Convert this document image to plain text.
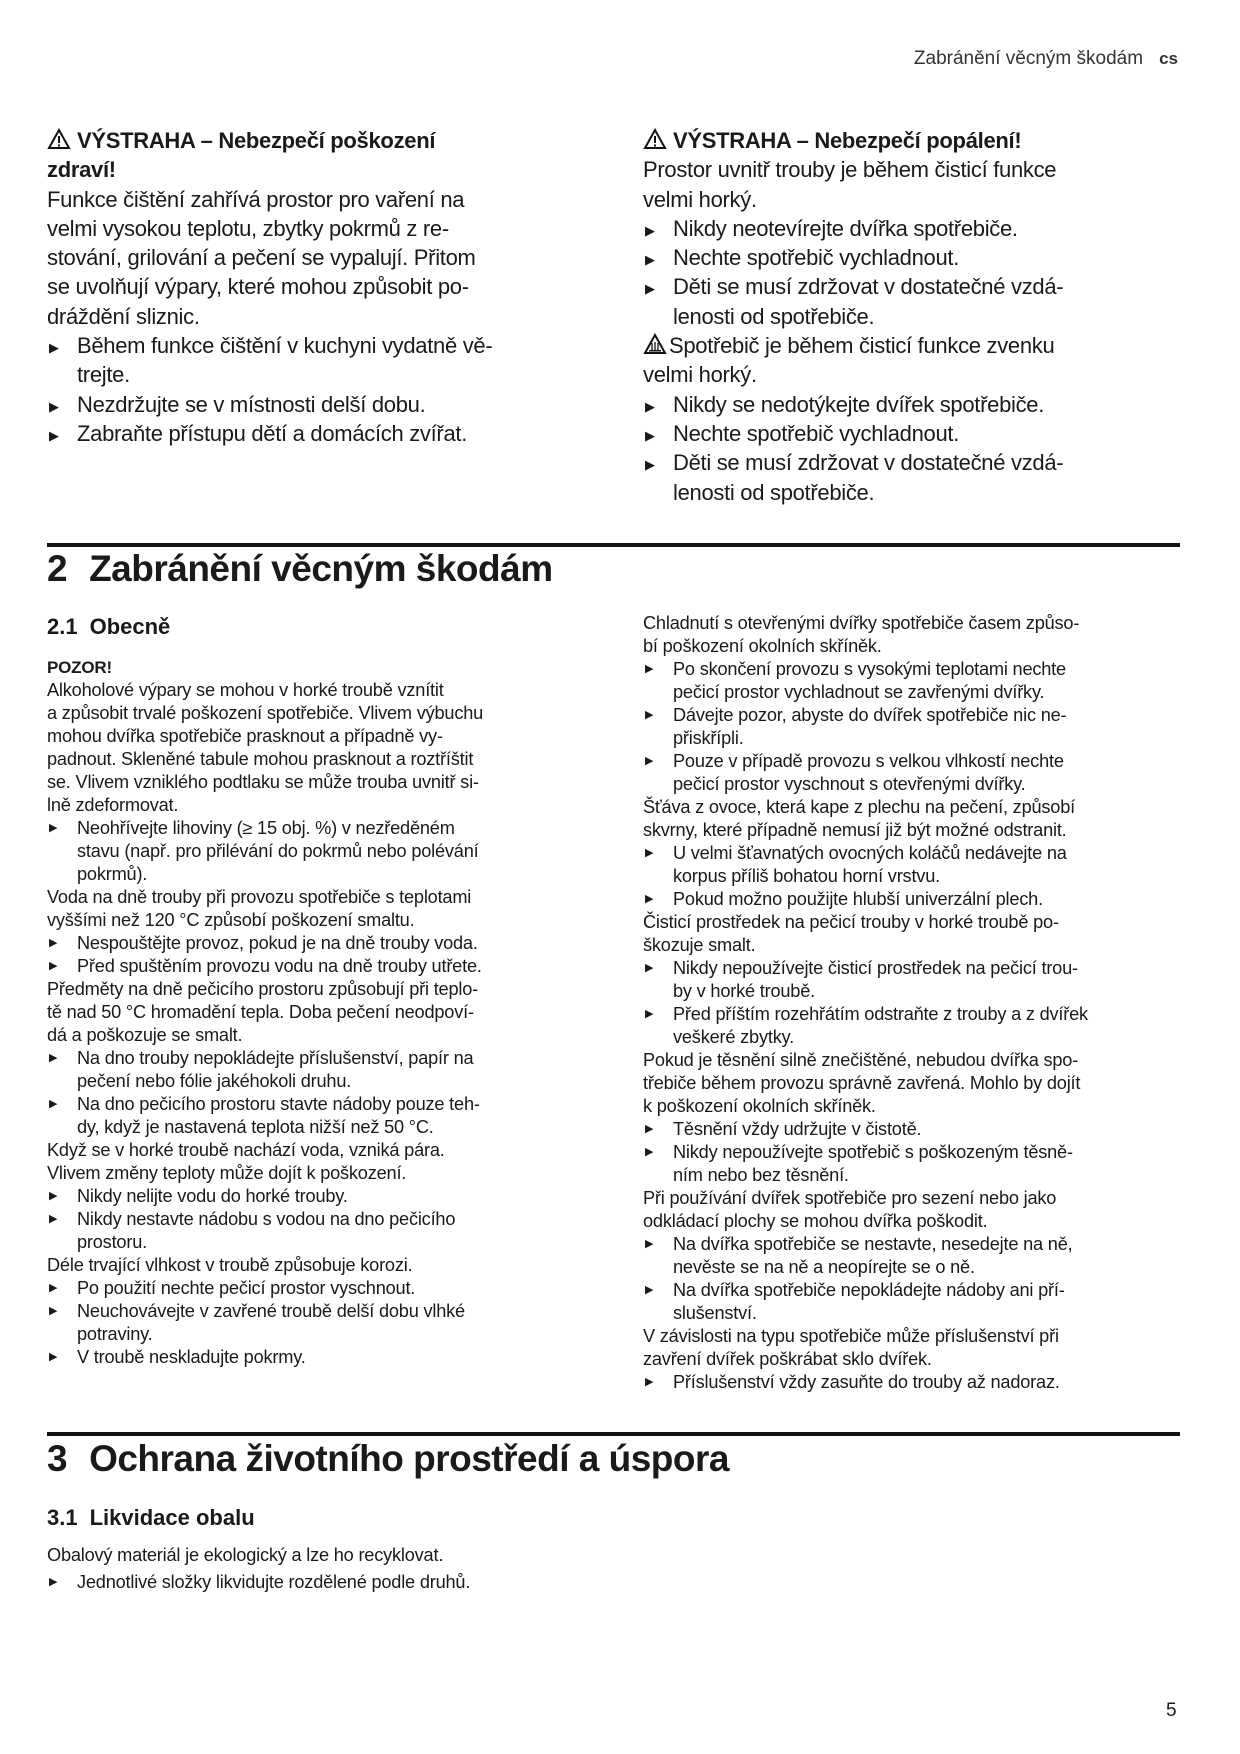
Zabránění věcným škodám cs
VÝSTRAHA – Nebezpečí poškození
zdraví!

Funkce čištění zahřívá prostor pro vaření na
velmi vysokou teplotu, zbytky pokrmů z re-
stování, grilování a pečení se vypalují. Přitom
se uvolňují výpary, které mohou způsobit po-
dráždění sliznic.

▶ Během funkce čištění v kuchyni vydatně vě-
trejte.

▶ Nezdržujte se v místnosti delší dobu.

▶ Zabraňte přístupu dětí a domácích zvířat.

VÝSTRAHA – Nebezpečí popálení!

Prostor uvnitř trouby je během čisticí funkce
velmi horký.

▶ Nikdy neotevírejte dvířka spotřebiče.

▶ Nechte spotřebič vychladnout.

▶ Děti se musí zdržovat v dostatečné vzdá-
lenosti od spotřebiče.

Spotřebič je během čisticí funkce zvenku
velmi horký.

▶ Nikdy se nedotýkejte dvířek spotřebiče.

▶ Nechte spotřebič vychladnout.

▶ Děti se musí zdržovat v dostatečné vzdá-
lenosti od spotřebiče.

2 Zabránění věcným škodám
2.1 Obecně
POZOR!

Alkoholové výpary se mohou v horké troubě vznítit
a způsobit trvalé poškození spotřebiče. Vlivem výbuchu
mohou dvířka spotřebiče prasknout a případně vy-
padnout. Skleněné tabule mohou prasknout a roztříštit
se. Vlivem vzniklého podtlaku se může trouba uvnitř si-
lně zdeformovat.

▶ Neohřívejte lihoviny (≥ 15 obj. %) v nezředěném
stavu (např. pro přilévání do pokrmů nebo polévání
pokrmů).

Voda na dně trouby při provozu spotřebiče s teplotami
vyššími než 120 °C způsobí poškození smaltu.

▶ Nespouštějte provoz, pokud je na dně trouby voda.

▶ Před spuštěním provozu vodu na dně trouby utřete.

Předměty na dně pečicího prostoru způsobují při teplo-
tě nad 50 °C hromadění tepla. Doba pečení neodpoví-
dá a poškozuje se smalt.

▶ Na dno trouby nepokládejte příslušenství, papír na
pečení nebo fólie jakéhokoli druhu.

▶ Na dno pečicího prostoru stavte nádoby pouze teh-
dy, když je nastavená teplota nižší než 50 °C.

Když se v horké troubě nachází voda, vzniká pára.
Vlivem změny teploty může dojít k poškození.

▶ Nikdy nelijte vodu do horké trouby.

▶ Nikdy nestavte nádobu s vodou na dno pečicího
prostoru.

Déle trvající vlhkost v troubě způsobuje korozi.

▶ Po použití nechte pečicí prostor vyschnout.

▶ Neuchovávejte v zavřené troubě delší dobu vlhké
potraviny.

▶ V troubě neskladujte pokrmy.

Chladnutí s otevřenými dvířky spotřebiče časem způso-
bí poškození okolních skříněk.

▶ Po skončení provozu s vysokými teplotami nechte
pečicí prostor vychladnout se zavřenými dvířky.

▶ Dávejte pozor, abyste do dvířek spotřebiče nic ne-
přiskřípli.

▶ Pouze v případě provozu s velkou vlhkostí nechte
pečicí prostor vyschnout s otevřenými dvířky.

Šťáva z ovoce, která kape z plechu na pečení, způsobí
skvrny, které případně nemusí již být možné odstranit.

▶ U velmi šťavnatých ovocných koláčů nedávejte na
korpus příliš bohatou horní vrstvu.

▶ Pokud možno použijte hlubší univerzální plech.

Čisticí prostředek na pečicí trouby v horké troubě po-
škozuje smalt.

▶ Nikdy nepoužívejte čisticí prostředek na pečicí trou-
by v horké troubě.

▶ Před příštím rozehřátím odstraňte z trouby a z dvířek
veškeré zbytky.

Pokud je těsnění silně znečištěné, nebudou dvířka spo-
třebiče během provozu správně zavřená. Mohlo by dojít
k poškození okolních skříněk.

▶ Těsnění vždy udržujte v čistotě.

▶ Nikdy nepoužívejte spotřebič s poškozeným těsně-
ním nebo bez těsnění.

Při používání dvířek spotřebiče pro sezení nebo jako
odkládací plochy se mohou dvířka poškodit.

▶ Na dvířka spotřebiče se nestavte, nesedejte na ně,
nevěste se na ně a neopírejte se o ně.

▶ Na dvířka spotřebiče nepokládejte nádoby ani pří-
slušenství.

V závislosti na typu spotřebiče může příslušenství při
zavření dvířek poškrábat sklo dvířek.

▶ Příslušenství vždy zasuňte do trouby až nadoraz.

3 Ochrana životního prostředí a úspora
3.1 Likvidace obalu

Obalový materiál je ekologický a lze ho recyklovat.

▶ Jednotlivé složky likvidujte rozdělené podle druhů.

5
